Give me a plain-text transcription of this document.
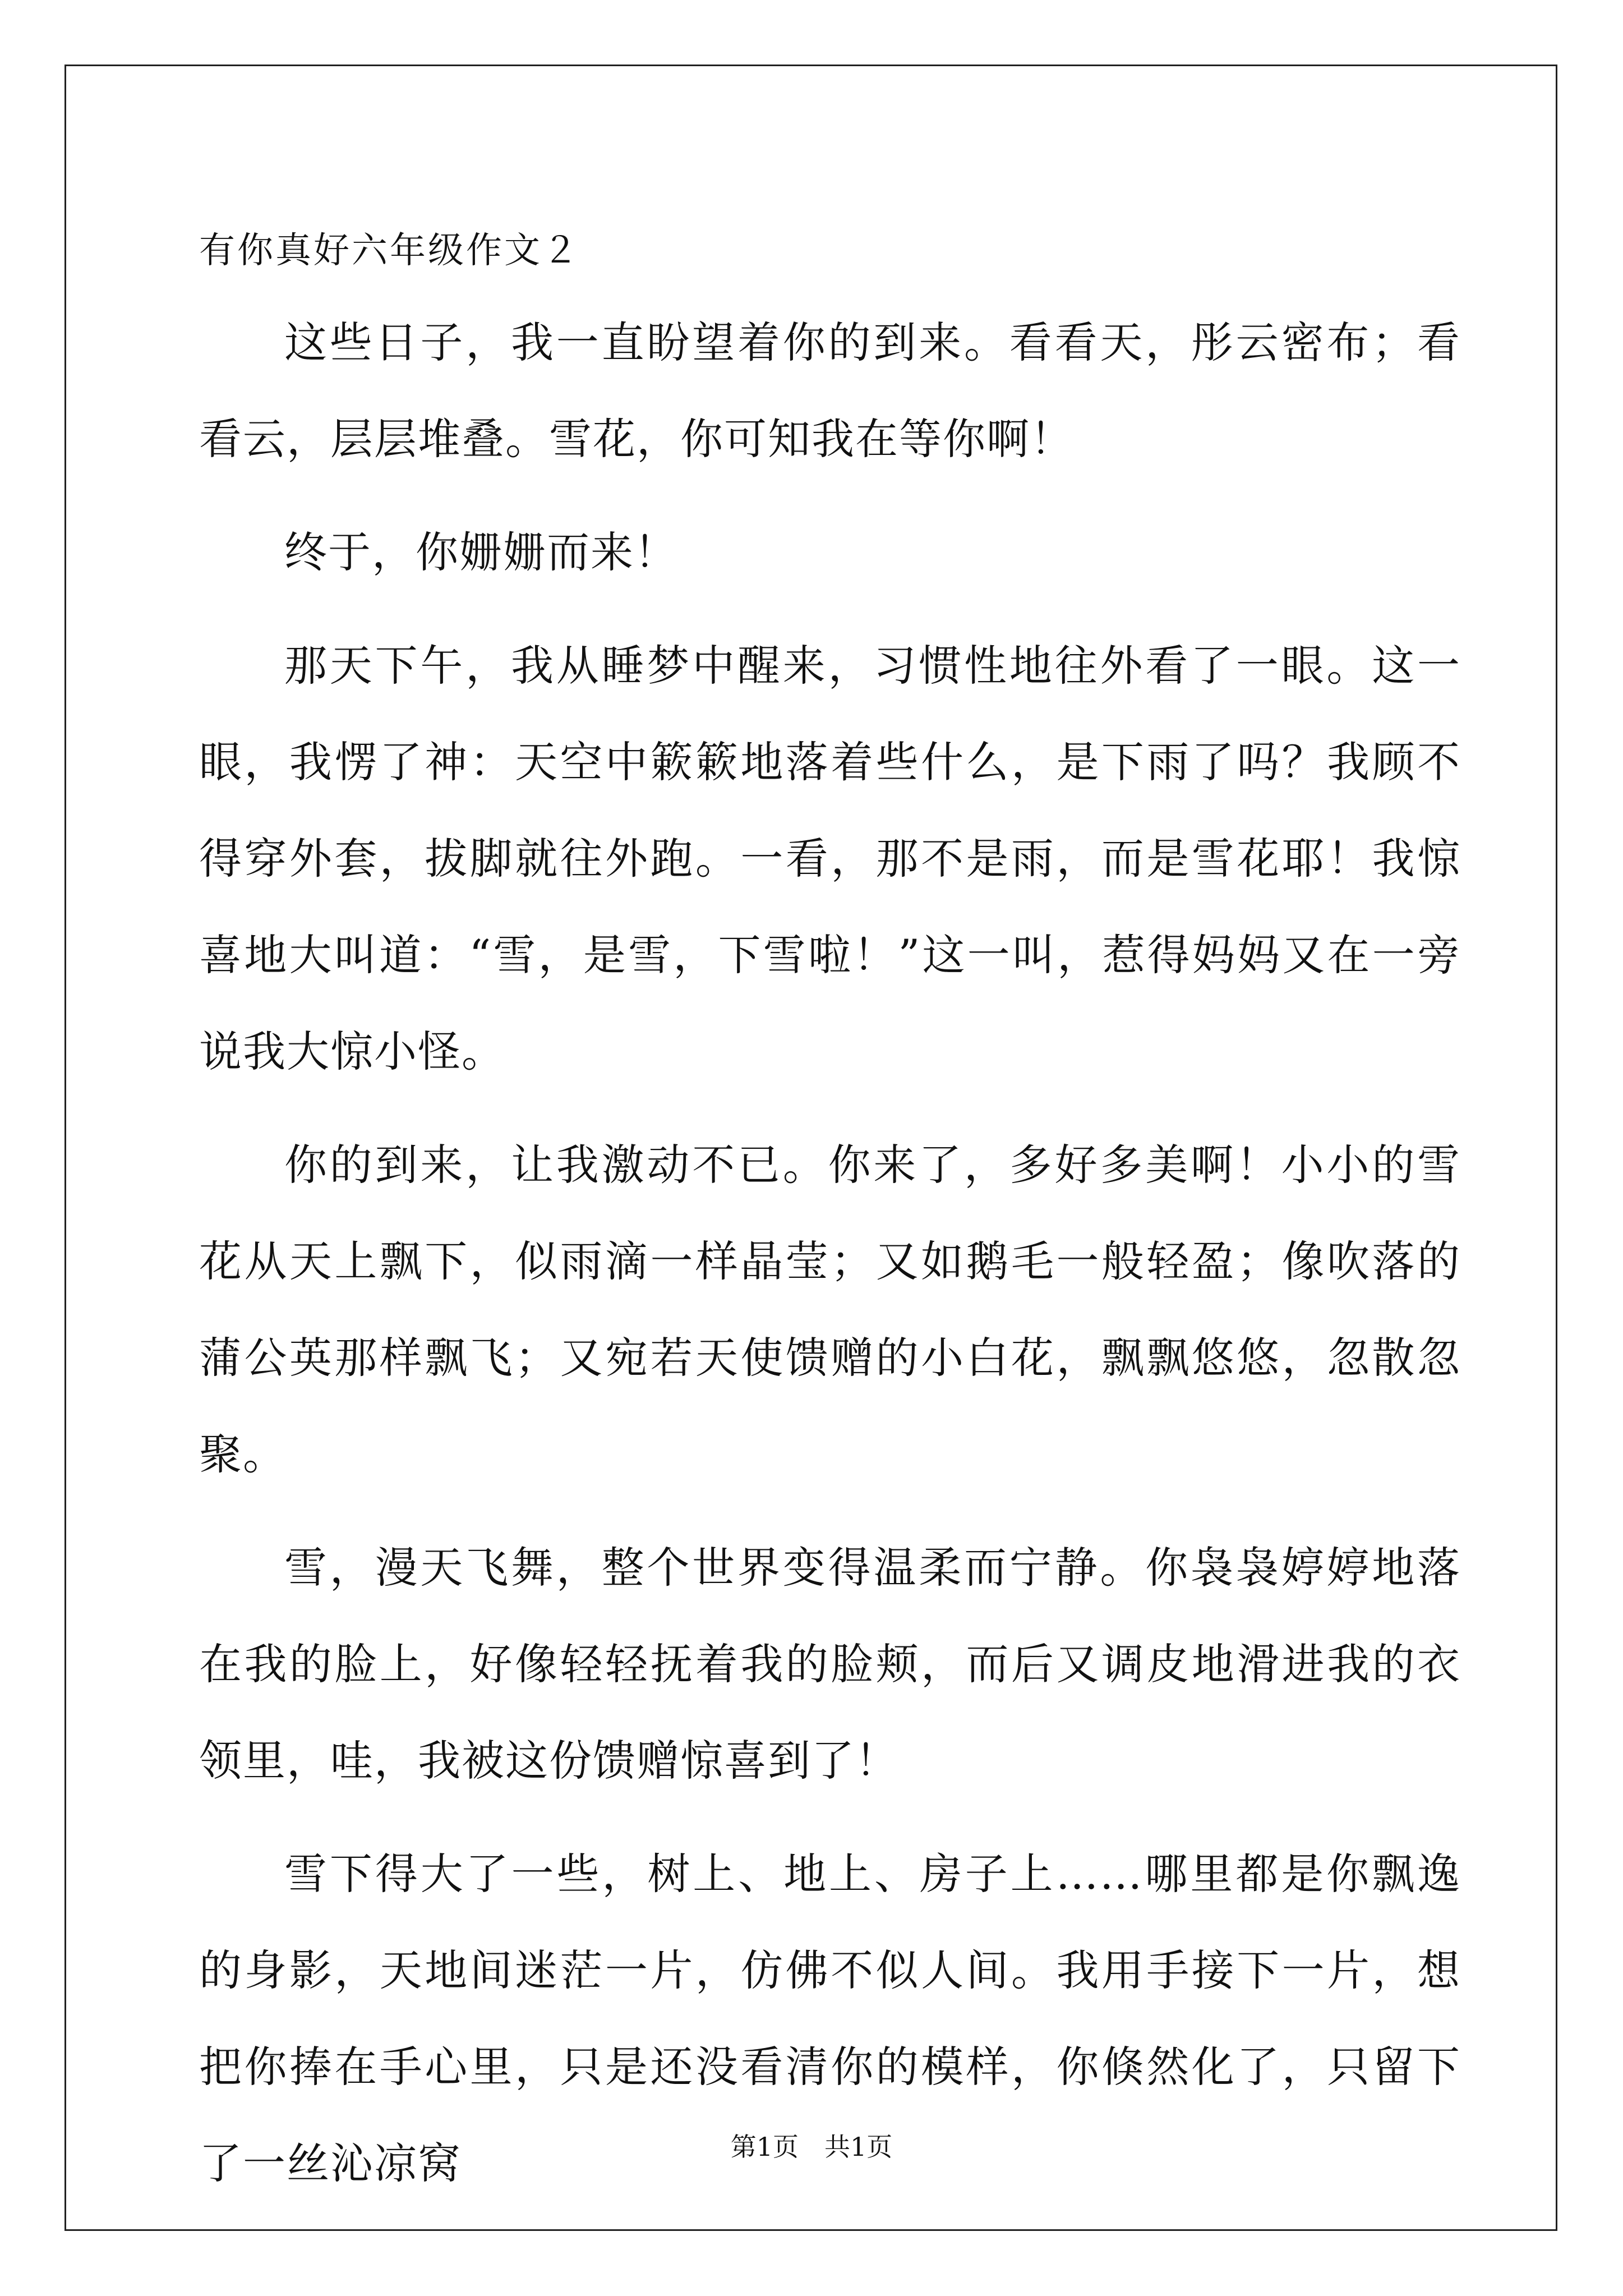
有你真好六年级作文２

这些日子，我一直盼望着你的到来。看看天，彤云密布；看看云，层层堆叠。雪花，你可知我在等你啊！

终于，你姗姗而来！

那天下午，我从睡梦中醒来，习惯性地往外看了一眼。这一眼，我愣了神：天空中簌簌地落着些什么，是下雨了吗？我顾不得穿外套，拔脚就往外跑。一看，那不是雨，而是雪花耶！我惊喜地大叫道：“雪，是雪，下雪啦！”这一叫，惹得妈妈又在一旁说我大惊小怪。

你的到来，让我激动不已。你来了，多好多美啊！小小的雪花从天上飘下，似雨滴一样晶莹；又如鹅毛一般轻盈；像吹落的蒲公英那样飘飞；又宛若天使馈赠的小白花，飘飘悠悠，忽散忽聚。

雪，漫天飞舞，整个世界变得温柔而宁静。你袅袅婷婷地落在我的脸上，好像轻轻抚着我的脸颊，而后又调皮地滑进我的衣领里，哇，我被这份馈赠惊喜到了！

雪下得大了一些，树上、地上、房子上……哪里都是你飘逸的身影，天地间迷茫一片，仿佛不似人间。我用手接下一片，想把你捧在手心里，只是还没看清你的模样，你倏然化了，只留下了一丝沁凉窝	第1页　共1页
